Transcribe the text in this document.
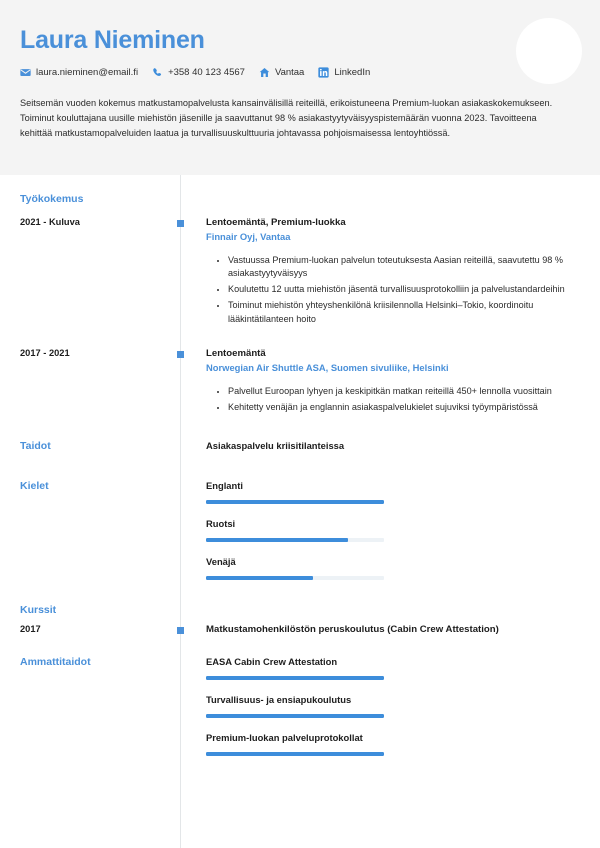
Laura Nieminen
laura.nieminen@email.fi	+358 40 123 4567	Vantaa	LinkedIn
Seitsemän vuoden kokemus matkustamopalvelusta kansainvälisillä reiteillä, erikoistuneena Premium-luokan asiakaskokemukseen. Toiminut kouluttajana uusille miehistön jäsenille ja saavuttanut 98 % asiakastyytyväisyyspistemäärän vuonna 2023. Tavoitteena kehittää matkustamopalveluiden laatua ja turvallisuuskulttuuria johtavassa pohjoismaisessa lentoyhtiössä.
Työkokemus
2021 - Kuluva	Lentoemäntä, Premium-luokka
Finnair Oyj, Vantaa
• Vastuussa Premium-luokan palvelun toteutuksesta Aasian reiteillä, saavutettu 98 % asiakastyytyväisyys
• Koulutettu 12 uutta miehistön jäsentä turvallisuusprotokolliin ja palvelustandardeihin
• Toiminut miehistön yhteyshenkilönä kriisilennolla Helsinki–Tokio, koordinoitu lääkintätilanteen hoito
2017 - 2021	Lentoemäntä
Norwegian Air Shuttle ASA, Suomen sivuliike, Helsinki
• Palvellut Euroopan lyhyen ja keskipitkän matkan reiteillä 450+ lennolla vuosittain
• Kehitetty venäjän ja englannin asiakaspalvelukielet sujuviksi työympäristössä
Taidot	Asiakaspalvelu kriisitilanteissa
Kielet	Englanti
Ruotsi
Venäjä
Kurssit
2017	Matkustamohenkilöstön peruskoulutus (Cabin Crew Attestation)
Ammattitaidot	EASA Cabin Crew Attestation
Turvallisuus- ja ensiapukoulutus
Premium-luokan palveluprotokollat
